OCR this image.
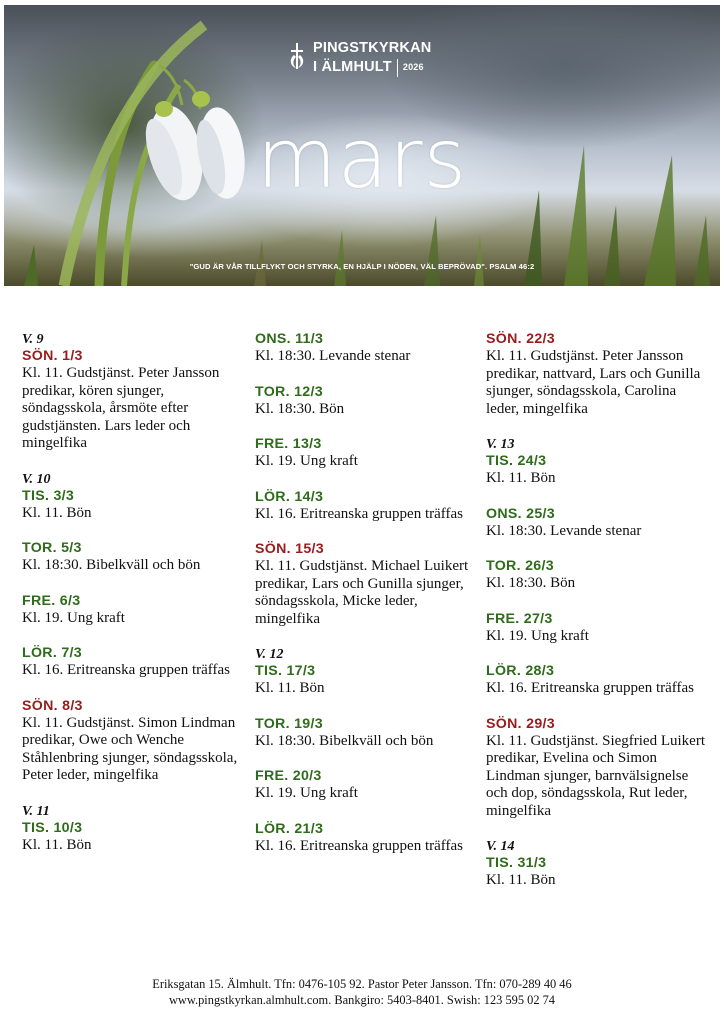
PINGSTKYRKAN
I ÄLMHULT 2026
mars
"GUD ÄR VÅR TILLFLYKT OCH STYRKA, EN HJÄLP I NÖDEN, VÄL BEPRÖVAD". PSALM 46:2
V. 9
SÖN. 1/3
Kl. 11. Gudstjänst. Peter Jansson predikar, kören sjunger, söndagsskola, årsmöte efter gudstjänsten. Lars leder och mingelfika
V. 10
TIS. 3/3
Kl. 11. Bön
TOR. 5/3
Kl. 18:30. Bibelkväll och bön
FRE. 6/3
Kl. 19. Ung kraft
LÖR. 7/3
Kl. 16. Eritreanska gruppen träffas
SÖN. 8/3
Kl. 11. Gudstjänst. Simon Lindman predikar, Owe och Wenche Ståhlenbring sjunger, söndagsskola, Peter leder, mingelfika
V. 11
TIS. 10/3
Kl. 11. Bön
ONS. 11/3
Kl. 18:30. Levande stenar
TOR. 12/3
Kl. 18:30. Bön
FRE. 13/3
Kl. 19. Ung kraft
LÖR. 14/3
Kl. 16. Eritreanska gruppen träffas
SÖN. 15/3
Kl. 11. Gudstjänst. Michael Luikert predikar, Lars och Gunilla sjunger, söndagsskola, Micke leder, mingelfika
V. 12
TIS. 17/3
Kl. 11. Bön
TOR. 19/3
Kl. 18:30. Bibelkväll och bön
FRE. 20/3
Kl. 19. Ung kraft
LÖR. 21/3
Kl. 16. Eritreanska gruppen träffas
SÖN. 22/3
Kl. 11. Gudstjänst. Peter Jansson predikar, nattvard, Lars och Gunilla sjunger, söndagsskola, Carolina leder, mingelfika
V. 13
TIS. 24/3
Kl. 11. Bön
ONS. 25/3
Kl. 18:30. Levande stenar
TOR. 26/3
Kl. 18:30. Bön
FRE. 27/3
Kl. 19. Ung kraft
LÖR. 28/3
Kl. 16. Eritreanska gruppen träffas
SÖN. 29/3
Kl. 11. Gudstjänst. Siegfried Luikert predikar, Evelina och Simon Lindman sjunger, barnvälsignelse och dop, söndagsskola, Rut leder, mingelfika
V. 14
TIS. 31/3
Kl. 11. Bön
Eriksgatan 15. Älmhult. Tfn: 0476-105 92. Pastor Peter Jansson. Tfn: 070-289 40 46
www.pingstkyrkan.almhult.com. Bankgiro: 5403-8401. Swish: 123 595 02 74
